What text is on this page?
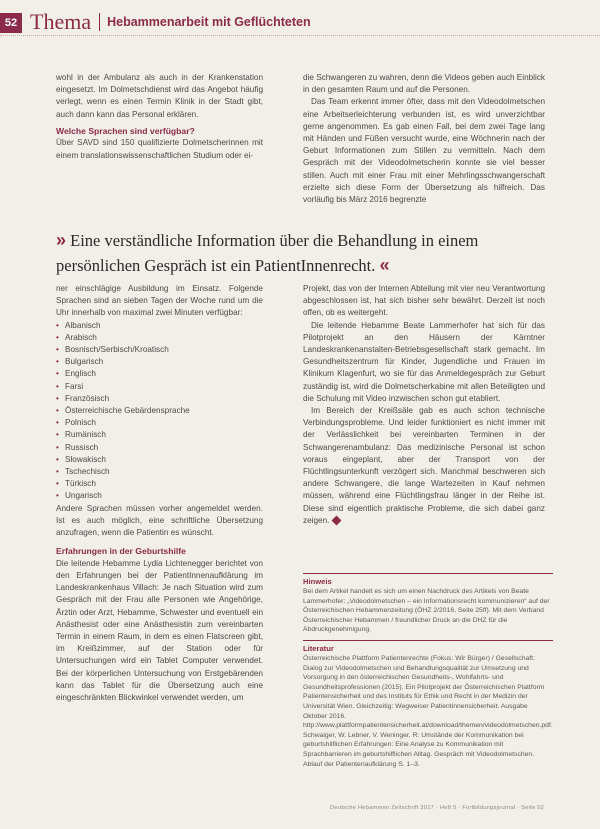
52 Thema Hebammenarbeit mit Geflüchteten

wohl in der Ambulanz als auch in der Krankenstation eingesetzt. Im Dolmetschdienst wird das Angebot häufig verlegt, wenn es einen Termin Klinik in der Stadt gibt, auch dann kann das Personal erklären.

Welche Sprachen sind verfügbar?

Über SAVD sind 150 qualifizierte Dolmetscherinnen mit einem translationswissenschaftlichen Studium oder ei-

die Schwangeren zu wahren, denn die Videos geben auch Einblick in den gesamten Raum und auf die Personen.

Das Team erkennt immer öfter, dass mit den Videodolmetschen eine Arbeitserleichterung verbunden ist, es wird unverzichtbar gerne angenommen. Es gab einen Fall, bei dem zwei Tage lang mit Händen und Füßen versucht wurde, eine Wöchnerin nach der Geburt Informationen zum Stillen zu vermitteln. Nach dem Gespräch mit der Videodolmetscherin konnte sie viel besser stillen. Auch mit einer Frau mit einer Mehrlingsschwangerschaft erzielte sich diese Form der Übersetzung als hilfreich. Das vorläufig bis März 2016 begrenzte

» Eine verständliche Information über die Behandlung in einem
persönlichen Gespräch ist ein PatientInnenrecht. «

ner einschlägige Ausbildung im Einsatz. Folgende Sprachen sind an sieben Tagen der Woche rund um die Uhr innerhalb von maximal zwei Minuten verfügbar:

• Albanisch
• Arabisch
• Bosnisch/Serbisch/Kroatisch
• Bulgarisch
• Englisch
• Farsi
• Französisch
• Österreichische Gebärdensprache
• Polnisch
• Rumänisch
• Russisch
• Slowakisch
• Tschechisch
• Türkisch
• Ungarisch

Andere Sprachen müssen vorher angemeldet werden. Ist es auch möglich, eine schriftliche Übersetzung anzufragen, wenn die Patientin es wünscht.

Erfahrungen in der Geburtshilfe

Die leitende Hebamme Lydia Lichtenegger berichtet von den Erfahrungen bei der PatientInnenaufklärung im Landeskrankenhaus Villach: Je nach Situation wird zum Gespräch mit der Frau alle Personen wie Angehörige, Ärztin oder Arzt, Hebamme, Schwester und eventuell ein Anästhesist oder eine Anästhesistin zum vereinbarten Termin in einem Raum, in dem es einen Flatscreen gibt, im Kreißzimmer, auf der Station oder für Untersuchungen wird ein Tablet Computer verwendet. Bei der körperlichen Untersuchung von Erstgebärenden kann das Tablet für die Übersetzung auch eine eingeschränkten Blickwinkel verwendet werden, um

Projekt, das von der Internen Abteilung mit vier neu Verantwortung abgeschlossen ist, hat sich bisher sehr bewährt. Derzeit ist noch offen, ob es weitergeht.

Die leitende Hebamme Beate Lammerhofer hat sich für das Pilotprojekt an den Häusern der Kärntner Landeskrankenanstalten-Betriebsgesellschaft stark gemacht. Im Gesundheitszentrum für Kinder, Jugendliche und Frauen im Klinikum Klagenfurt, wo sie für das Anmeldegespräch zur Geburt zuständig ist, wird die Dolmetscherkabine mit allen Beteiligten und die Schulung mit Video inzwischen schon gut etabliert.

Im Bereich der Kreißsäle gab es auch schon technische Verbindungsprobleme. Und leider funktioniert es nicht immer mit der Verlässlichkeit bei vereinbarten Terminen in der Schwangerenambulanz: Das medizinische Personal ist schon voraus eingeplant, aber der Transport von der Flüchtlingsunterkunft verzögert sich. Manchmal beschweren sich andere Schwangere, die lange Wartezeiten in Kauf nehmen müssen, während eine Flüchtlingsfrau länger in der Reihe ist. Diese sind eigentlich praktische Probleme, die sich dabei ganz zeigen.

Hinweis
Bei dem Artikel handelt es sich um einen Nachdruck des Artikels von Beate Lammerhofer: „Videodolmetschen – ein Informationsrecht kommunizieren“ auf der Österreichischen Hebammenzeitung (ÖHZ 2/2016, Seite 25ff). Mit dem Verband Österreichischer Hebammen / freundlicher Druck an die DHZ für die Abdruckgenehmigung.
Literatur
Österreichische Plattform Patientenrechte (Fokus: Wir Bürger) / Gesellschaft: Dialog zur Videodolmetschen und Behandlungsqualität zur Umsetzung und Vorsorgung in den österreichischen Gesundheits-, Wohlfahrts- und Gesundheitsprofessionen (2015). Ein Pilotprojekt der Österreichischen Plattform Patientensicherheit und des Instituts für Ethik und Recht in der Medizin der Universität Wien. Gleichzeitig: Wegweiser Patientinnensicherheit. Ausgabe Oktober 2016. http://www.plattformpatientensicherheit.at/download/themen/videodolmetschen.pdf. Schwaiger, W. Lebner, V. Weninger, R: Umstände der Kommunikation bei geburtshilflichen Erfahrungen: Eine Analyse zu Kommunikation mit Sprachbarrieren im geburtshilflichen Alltag. Gespräch mit Videodolmetschen. Ablauf der Patientenaufklärung S. 1–3.
Deutsche Hebammen Zeitschrift 2017 · Heft 5 · Fortbildungsjournal · Seite 52
